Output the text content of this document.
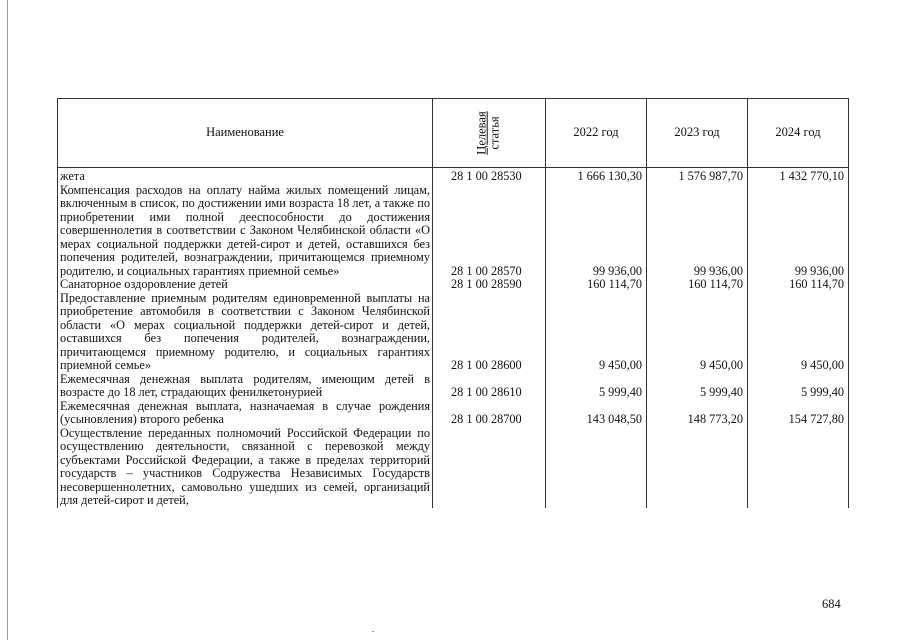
Наименование	Целевая статья	2022 год	2023 год	2024 год
жета	28 1 00 28530	1 666 130,30	1 576 987,70	1 432 770,10
Компенсация расходов на оплату найма жилых помещений лицам, включенным в список, по достижении ими возраста 18 лет, а также по приобретении ими полной дееспособности до достижения совершеннолетия в соответствии с Законом Челябинской области «О мерах социальной поддержки детей-сирот и детей, оставшихся без попечения родителей, вознаграждении, причитающемся приемному родителю, и социальных гарантиях приемной семье»	28 1 00 28570	99 936,00	99 936,00	99 936,00
Санаторное оздоровление детей	28 1 00 28590	160 114,70	160 114,70	160 114,70
Предоставление приемным родителям единовременной выплаты на приобретение автомобиля в соответствии с Законом Челябинской области «О мерах социальной поддержки детей-сирот и детей, оставшихся без попечения родителей, вознаграждении, причитающемся приемному родителю, и социальных гарантиях приемной семье»	28 1 00 28600	9 450,00	9 450,00	9 450,00
Ежемесячная денежная выплата родителям, имеющим детей в возрасте до 18 лет, страдающих фенилкетонурией	28 1 00 28610	5 999,40	5 999,40	5 999,40
Ежемесячная денежная выплата, назначаемая в случае рождения (усыновления) второго ребенка	28 1 00 28700	143 048,50	148 773,20	154 727,80
Осуществление переданных полномочий Российской Федерации по осуществлению деятельности, связанной с перевозкой между субъектами Российской Федерации, а также в пределах территорий государств – участников Содружества Независимых Государств несовершеннолетних, самовольно ушедших из семей, организаций для детей-сирот и детей,				
684
